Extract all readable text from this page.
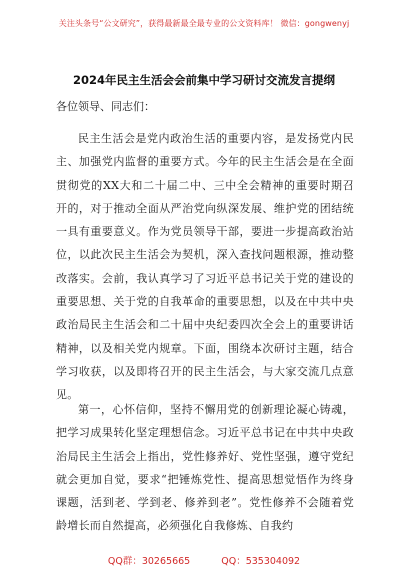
关注头条号“公文研究”，获得最新最全最专业的公文资料库！ 微信：gongwenyj
2024年民主生活会会前集中学习研讨交流发言提纲
各位领导、同志们：

民主生活会是党内政治生活的重要内容，是发扬党内民主、加强党内监督的重要方式。今年的民主生活会是在全面贯彻党的XX大和二十届二中、三中全会精神的重要时期召开的，对于推动全面从严治党向纵深发展、维护党的团结统一具有重要意义。作为党员领导干部，要进一步提高政治站位，以此次民主生活会为契机，深入查找问题根源，推动整改落实。会前，我认真学习了习近平总书记关于党的建设的重要思想、关于党的自我革命的重要思想，以及在中共中央政治局民主生活会和二十届中央纪委四次全会上的重要讲话精神，以及相关党内规章。下面，围绕本次研讨主题，结合学习收获，以及即将召开的民主生活会，与大家交流几点意见。

第一，心怀信仰，坚持不懈用党的创新理论凝心铸魂，把学习成果转化坚定理想信念。习近平总书记在中共中央政治局民主生活会上指出，党性修养好、党性坚强，遵守党纪就会更加自觉，要求“把锤炼党性、提高思想觉悟作为终身课题，活到老、学到老、修养到老”。党性修养不会随着党龄增长而自然提高，必须强化自我修炼、自我约

QQ群：30265665	QQ：535304092
